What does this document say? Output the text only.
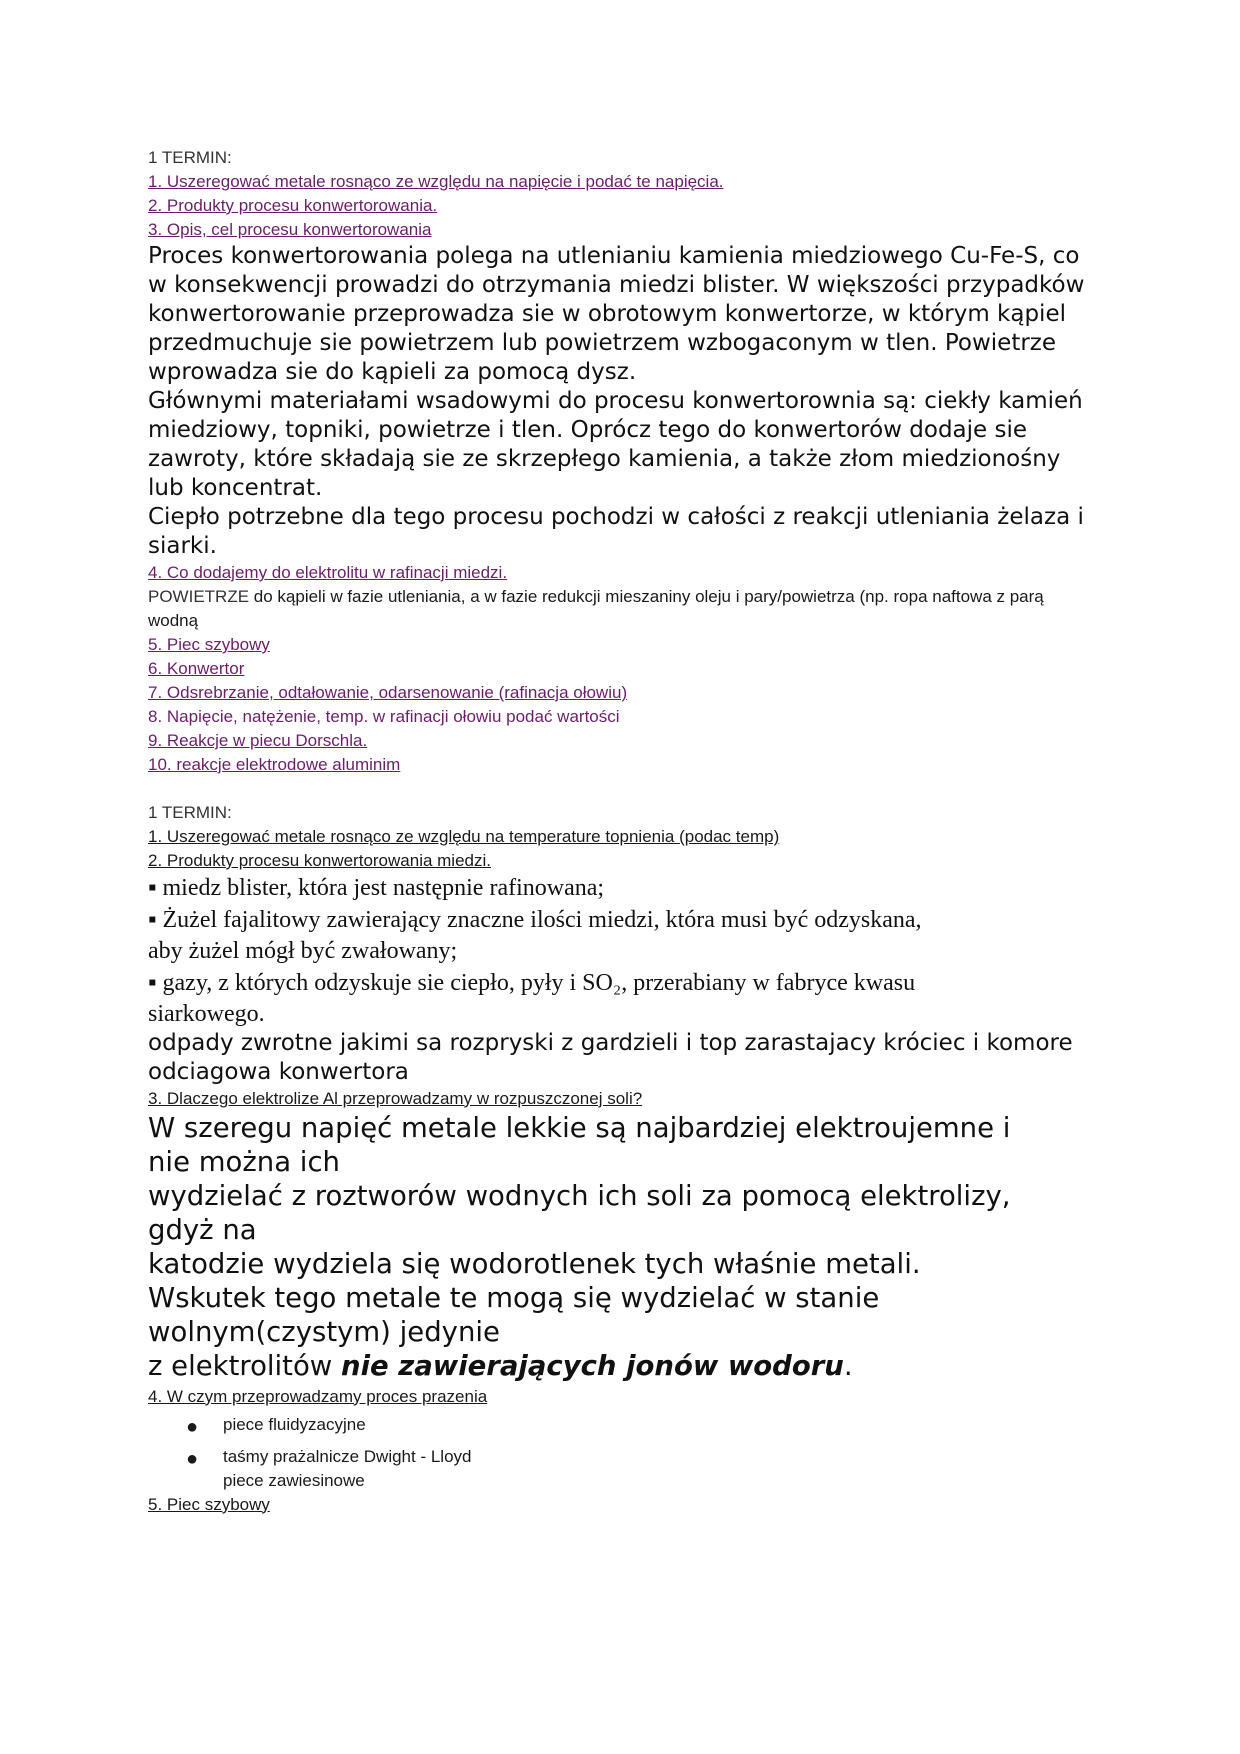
1 TERMIN:
1. Uszeregować metale rosnąco ze względu na napięcie i podać te napięcia.
2. Produkty procesu konwertorowania.
3. Opis, cel procesu konwertorowania

Proces konwertorowania polega na utlenianiu kamienia miedziowego Cu-Fe-S, co w konsekwencji prowadzi do otrzymania miedzi blister. W większości przypadków konwertorowanie przeprowadza sie w obrotowym konwertorze, w którym kąpiel przedmuchuje sie powietrzem lub powietrzem wzbogaconym w tlen. Powietrze wprowadza sie do kąpieli za pomocą dysz.

Głównymi materiałami wsadowymi do procesu konwertorownia są: ciekły kamień miedziowy, topniki, powietrze i tlen. Oprócz tego do konwertorów dodaje sie zawroty, które składają sie ze skrzepłego kamienia, a także złom miedzionośny lub koncentrat.

Ciepło potrzebne dla tego procesu pochodzi w całości z reakcji utleniania żelaza i

siarki.

4. Co dodajemy do elektrolitu w rafinacji miedzi.
POWIETRZE do kąpieli w fazie utleniania, a w fazie redukcji mieszaniny oleju i pary/powietrza (np. ropa naftowa z parą wodną
5. Piec szybowy
6. Konwertor
7. Odsrebrzanie, odtałowanie, odarsenowanie (rafinacja ołowiu)
8. Napięcie, natężenie, temp. w rafinacji ołowiu podać wartości
9. Reakcje w piecu Dorschla.
10. reakcje elektrodowe aluminim
1 TERMIN:
1. Uszeregować metale rosnąco ze względu na temperature topnienia (podac temp)
2. Produkty procesu konwertorowania miedzi.

▪ miedz blister, która jest następnie rafinowana;

▪ Żużel fajalitowy zawierający znaczne ilości miedzi, która musi być odzyskana,

aby żużel mógł być zwałowany;

▪ gazy, z których odzyskuje sie ciepło, pyły i SO₂, przerabiany w fabryce kwasu

siarkowego.

odpady zwrotne jakimi sa rozpryski z gardzieli i top zarastajacy króciec i komore odciagowa konwertora

3. Dlaczego elektrolize Al przeprowadzamy w rozpuszczonej soli?

W szeregu napięć metale lekkie są najbardziej elektroujemne i

nie można ich

wydzielać z roztworów wodnych ich soli za pomocą elektrolizy,

gdyż na

katodzie wydziela się wodorotlenek tych właśnie metali.

Wskutek tego metale te mogą się wydzielać w stanie

wolnym(czystym) jedynie

z elektrolitów nie zawierających jonów wodoru.

4. W czym przeprowadzamy proces prazenia
● piece fluidyzacyjne
● taśmy prażalnicze Dwight - Lloyd
piece zawiesinowe
5. Piec szybowy
